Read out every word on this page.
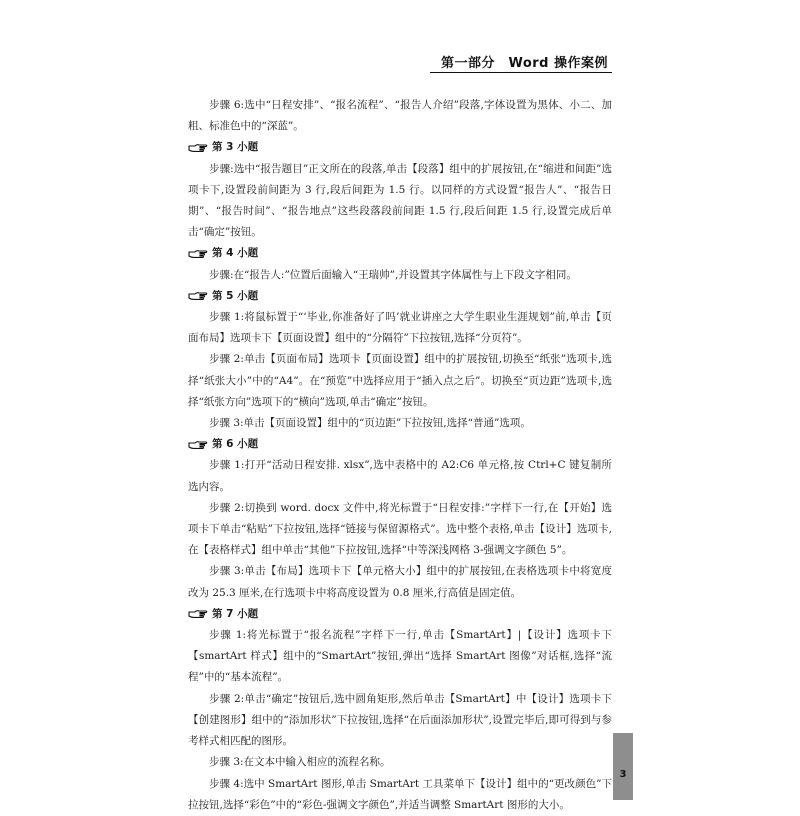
第一部分　Word 操作案例

步骤 6:选中“日程安排”、“报名流程”、“报告人介绍”段落,字体设置为黑体、小二、加粗、标准色中的“深蓝”。

第 3 小题

步骤:选中“报告题目”正文所在的段落,单击【段落】组中的扩展按钮,在“缩进和间距”选项卡下,设置段前间距为 3 行,段后间距为 1.5 行。以同样的方式设置“报告人”、“报告日期”、“报告时间”、“报告地点”这些段落段前间距 1.5 行,段后间距 1.5 行,设置完成后单击“确定”按钮。

第 4 小题

步骤:在“报告人:”位置后面输入“王瑞帅”,并设置其字体属性与上下段文字相同。

第 5 小题

步骤 1:将鼠标置于“‘毕业,你准备好了吗’就业讲座之大学生职业生涯规划”前,单击【页面布局】选项卡下【页面设置】组中的“分隔符”下拉按钮,选择“分页符”。

步骤 2:单击【页面布局】选项卡【页面设置】组中的扩展按钮,切换至“纸张”选项卡,选择“纸张大小”中的“A4”。在“预览”中选择应用于“插入点之后”。切换至“页边距”选项卡,选择“纸张方向”选项下的“横向”选项,单击“确定”按钮。

步骤 3:单击【页面设置】组中的“页边距”下拉按钮,选择“普通”选项。

第 6 小题

步骤 1:打开“活动日程安排. xlsx”,选中表格中的 A2:C6 单元格,按 Ctrl+C 键复制所选内容。

步骤 2:切换到 word. docx 文件中,将光标置于“日程安排:”字样下一行,在【开始】选项卡下单击“粘贴”下拉按钮,选择“链接与保留源格式”。选中整个表格,单击【设计】选项卡,在【表格样式】组中单击“其他”下拉按钮,选择“中等深浅网格 3-强调文字颜色 5”。

步骤 3:单击【布局】选项卡下【单元格大小】组中的扩展按钮,在表格选项卡中将宽度改为 25.3 厘米,在行选项卡中将高度设置为 0.8 厘米,行高值是固定值。

第 7 小题

步骤 1:将光标置于“报名流程”字样下一行,单击【SmartArt】|【设计】选项卡下【smartArt 样式】组中的“SmartArt”按钮,弹出“选择 SmartArt 图像”对话框,选择“流程”中的“基本流程”。

步骤 2:单击“确定”按钮后,选中圆角矩形,然后单击【SmartArt】中【设计】选项卡下【创建图形】组中的“添加形状”下拉按钮,选择“在后面添加形状”,设置完毕后,即可得到与参考样式相匹配的图形。

步骤 3:在文本中输入相应的流程名称。

步骤 4:选中 SmartArt 图形,单击 SmartArt 工具菜单下【设计】组中的“更改颜色”下拉按钮,选择“彩色”中的“彩色-强调文字颜色”,并适当调整 SmartArt 图形的大小。

3
